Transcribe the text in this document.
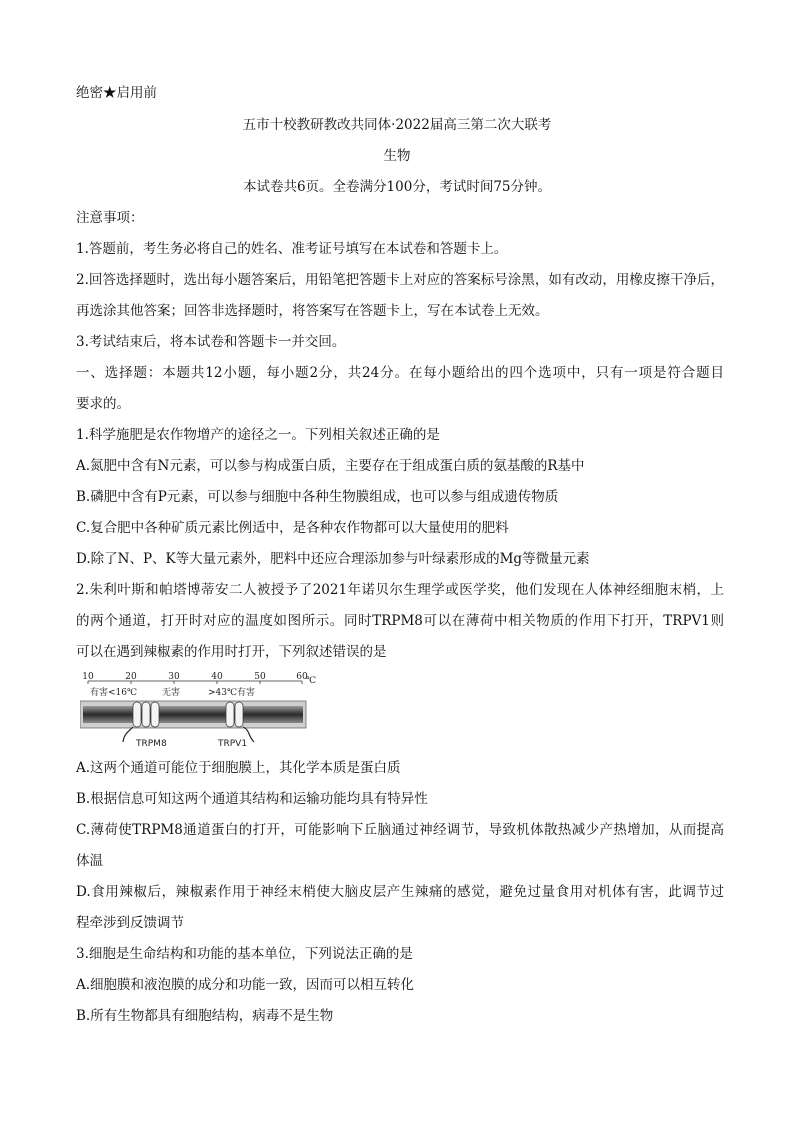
绝密★启用前
五市十校教研教改共同体·2022届高三第二次大联考
生物
本试卷共6页。全卷满分100分，考试时间75分钟。
注意事项：
1.答题前，考生务必将自己的姓名、准考证号填写在本试卷和答题卡上。
2.回答选择题时，选出每小题答案后，用铅笔把答题卡上对应的答案标号涂黑，如有改动，用橡皮擦干净后，
再选涂其他答案；回答非选择题时，将答案写在答题卡上，写在本试卷上无效。
3.考试结束后，将本试卷和答题卡一并交回。
一、选择题：本题共12小题，每小题2分，共24分。在每小题给出的四个选项中，只有一项是符合题目
要求的。
1.科学施肥是农作物增产的途径之一。下列相关叙述正确的是
A.氮肥中含有N元素，可以参与构成蛋白质，主要存在于组成蛋白质的氨基酸的R基中
B.磷肥中含有P元素，可以参与细胞中各种生物膜组成，也可以参与组成遗传物质
C.复合肥中各种矿质元素比例适中，是各种农作物都可以大量使用的肥料
D.除了N、P、K等大量元素外，肥料中还应合理添加参与叶绿素形成的Mg等微量元素
2.朱利叶斯和帕塔博蒂安二人被授予了2021年诺贝尔生理学或医学奖，他们发现在人体神经细胞末梢，上
的两个通道，打开时对应的温度如图所示。同时TRPM8可以在薄荷中相关物质的作用下打开，TRPV1则
可以在遇到辣椒素的作用时打开，下列叙述错误的是
10	20	30	40	50	60
℃
有害<16℃	无害	>43℃有害
TRPM8	TRPV1
A.这两个通道可能位于细胞膜上，其化学本质是蛋白质
B.根据信息可知这两个通道其结构和运输功能均具有特异性
C.薄荷使TRPM8通道蛋白的打开，可能影响下丘脑通过神经调节，导致机体散热减少产热增加，从而提高
体温
D.食用辣椒后，辣椒素作用于神经末梢使大脑皮层产生辣痛的感觉，避免过量食用对机体有害，此调节过
程牵涉到反馈调节
3.细胞是生命结构和功能的基本单位，下列说法正确的是
A.细胞膜和液泡膜的成分和功能一致，因而可以相互转化
B.所有生物都具有细胞结构，病毒不是生物
